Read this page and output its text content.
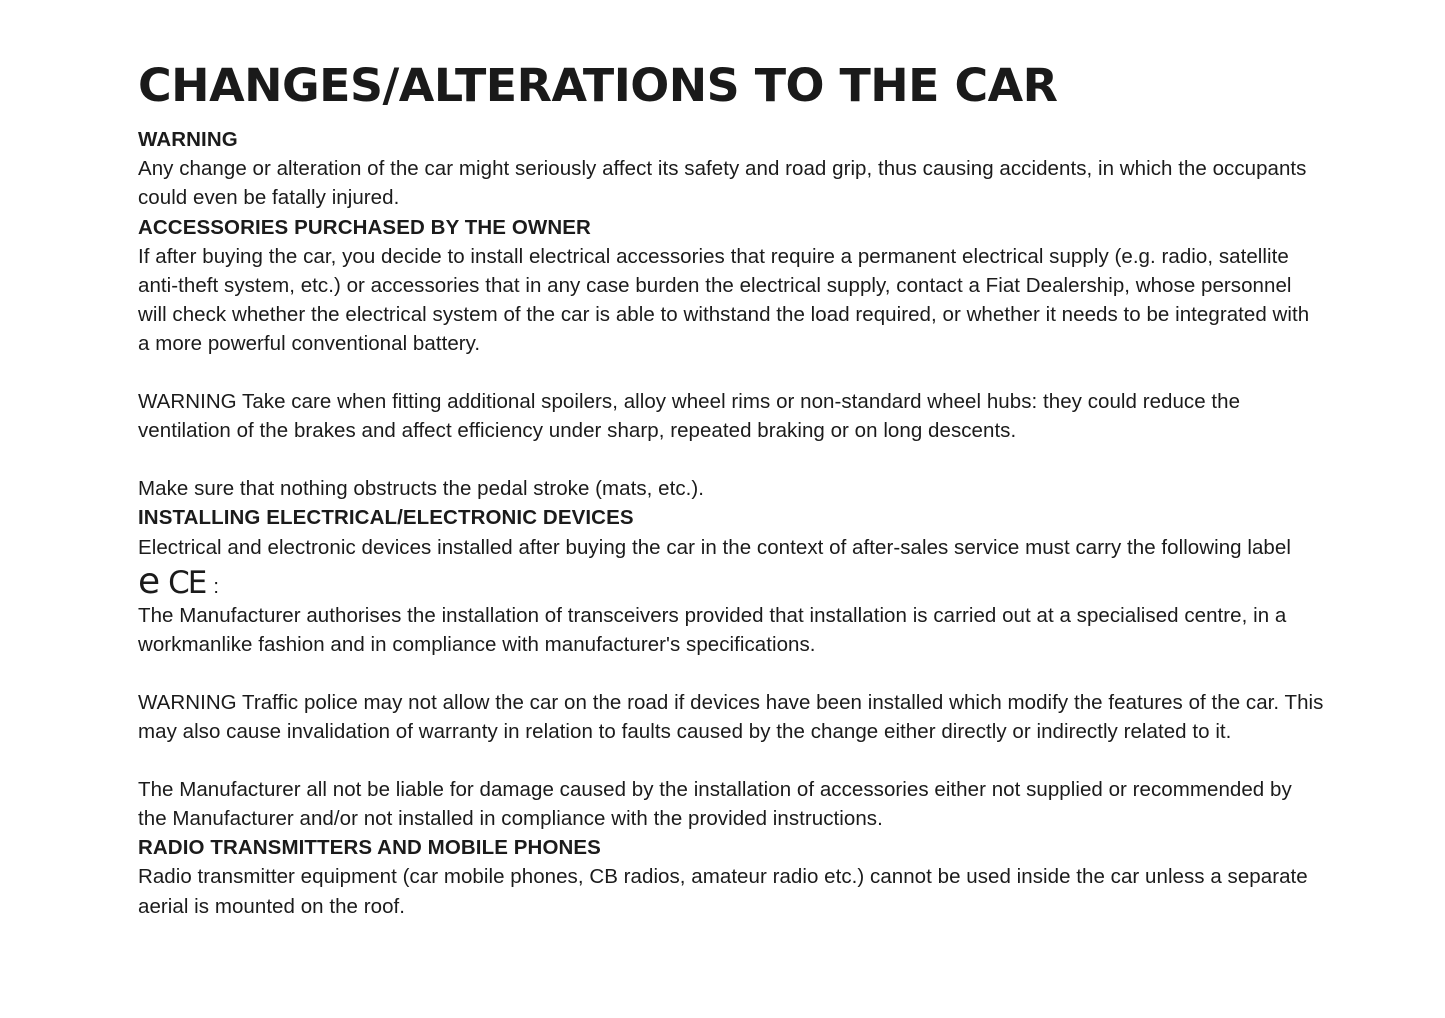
CHANGES/ALTERATIONS TO THE CAR
WARNING

Any change or alteration of the car might seriously affect its safety and road grip, thus causing accidents, in which the occupants could even be fatally injured.

ACCESSORIES PURCHASED BY THE OWNER

If after buying the car, you decide to install electrical accessories that require a permanent electrical supply (e.g. radio, satellite anti-theft system, etc.) or accessories that in any case burden the electrical supply, contact a Fiat Dealership, whose personnel will check whether the electrical system of the car is able to withstand the load required, or whether it needs to be integrated with a more powerful conventional battery.

WARNING Take care when fitting additional spoilers, alloy wheel rims or non-standard wheel hubs: they could reduce the ventilation of the brakes and affect efficiency under sharp, repeated braking or on long descents.

Make sure that nothing obstructs the pedal stroke (mats, etc.).

INSTALLING ELECTRICAL/ELECTRONIC DEVICES

Electrical and electronic devices installed after buying the car in the context of after-sales service must carry the following label

e CE :

The Manufacturer authorises the installation of transceivers provided that installation is carried out at a specialised centre, in a workmanlike fashion and in compliance with manufacturer's specifications.

WARNING Traffic police may not allow the car on the road if devices have been installed which modify the features of the car. This may also cause invalidation of warranty in relation to faults caused by the change either directly or indirectly related to it.

The Manufacturer all not be liable for damage caused by the installation of accessories either not supplied or recommended by the Manufacturer and/or not installed in compliance with the provided instructions.

RADIO TRANSMITTERS AND MOBILE PHONES

Radio transmitter equipment (car mobile phones, CB radios, amateur radio etc.) cannot be used inside the car unless a separate aerial is mounted on the roof.
